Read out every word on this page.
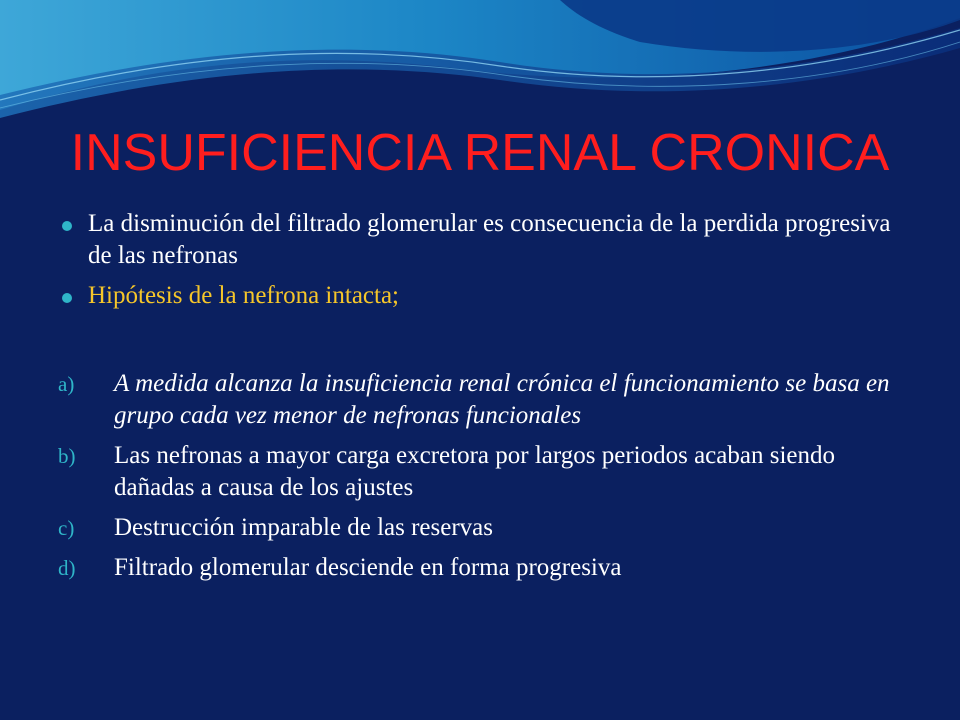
INSUFICIENCIA RENAL CRONICA
La disminución del filtrado glomerular es consecuencia de la perdida progresiva de las nefronas
Hipótesis de la nefrona intacta;
a) A medida alcanza la insuficiencia renal crónica el funcionamiento se basa en grupo cada vez menor de nefronas funcionales
b) Las nefronas a mayor carga excretora por largos periodos acaban siendo dañadas a causa de los ajustes
c) Destrucción imparable de las reservas
d) Filtrado glomerular desciende en forma progresiva
